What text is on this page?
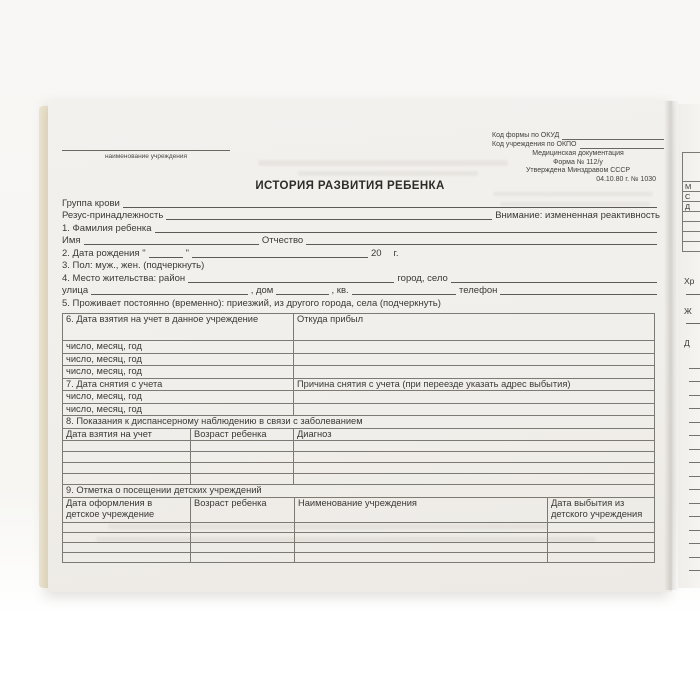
наименование учреждения
Код формы по ОКУД
Код учреждения по ОКПО
Медицинская документация
Форма № 112/у
Утверждена Минздравом СССР
04.10.80 г. № 1030
ИСТОРИЯ РАЗВИТИЯ РЕБЕНКА
Группа крови
Резус-принадлежность	Внимание: измененная реактивность
1. Фамилия ребенка
Имя	Отчество
2. Дата рождения "	"	20 г.
3. Пол: муж., жен. (подчеркнуть)
4. Место жительства: район	город, село
улица	, дом	, кв.	телефон
5. Проживает постоянно (временно): приезжий, из другого города, села (подчеркнуть)
6. Дата взятия на учет в данное учреждение	Откуда прибыл
число, месяц, год	
число, месяц, год	
число, месяц, год	
7. Дата снятия с учета	Причина снятия с учета (при переезде указать адрес выбытия)
число, месяц, год	
число, месяц, год	
8. Показания к диспансерному наблюдению в связи с заболеванием		
Дата взятия на учет	Возраст ребенка	Диагноз

9. Отметка о посещении детских учреждений			
Дата оформления в детское учреждение	Возраст ребенка	Наименование учреждения	Дата выбытия из детского учреждения

М
С
Д
Хр
Ж
Д
